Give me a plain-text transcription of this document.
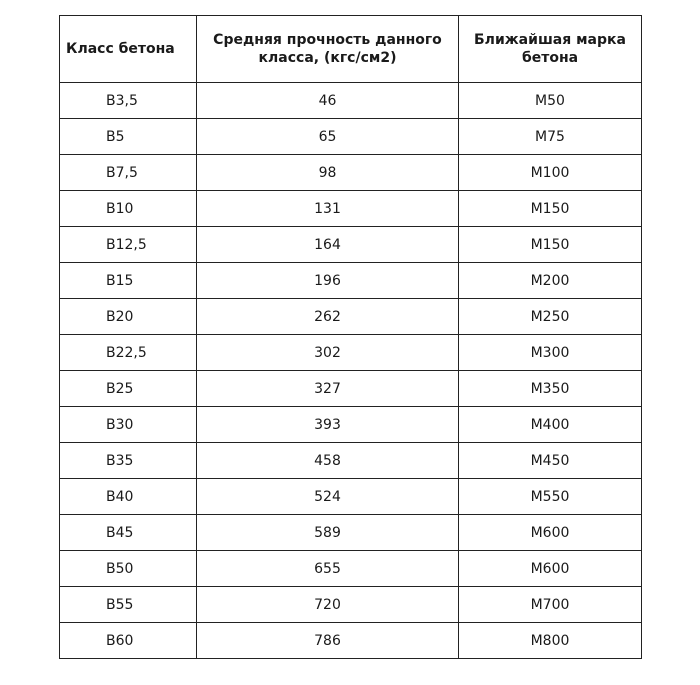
Класс бетона	Средняя прочность данного класса, (кгс/см2)	Ближайшая марка бетона
В3,5	46	М50
В5	65	М75
В7,5	98	М100
В10	131	М150
В12,5	164	М150
В15	196	М200
В20	262	М250
В22,5	302	М300
В25	327	М350
В30	393	М400
В35	458	М450
В40	524	М550
В45	589	М600
В50	655	М600
В55	720	М700
В60	786	М800
